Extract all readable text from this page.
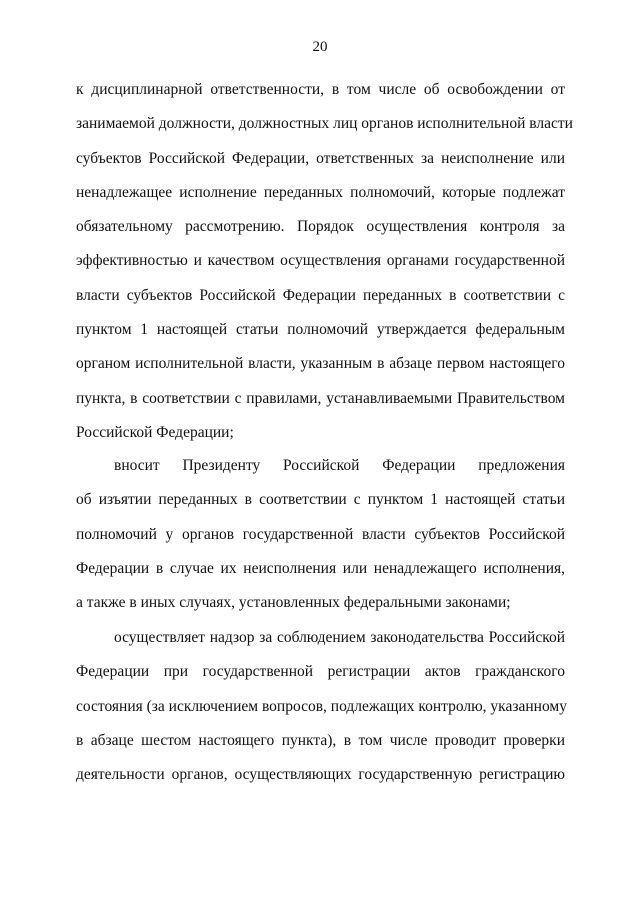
20
к дисциплинарной ответственности, в том числе об освобождении от
занимаемой должности, должностных лиц органов исполнительной власти
субъектов Российской Федерации, ответственных за неисполнение или
ненадлежащее исполнение переданных полномочий, которые подлежат
обязательному рассмотрению. Порядок осуществления контроля за
эффективностью и качеством осуществления органами государственной
власти субъектов Российской Федерации переданных в соответствии с
пунктом 1 настоящей статьи полномочий утверждается федеральным
органом исполнительной власти, указанным в абзаце первом настоящего
пункта, в соответствии с правилами, устанавливаемыми Правительством
Российской Федерации;
вносит Президенту Российской Федерации предложения
об изъятии переданных в соответствии с пунктом 1 настоящей статьи
полномочий у органов государственной власти субъектов Российской
Федерации в случае их неисполнения или ненадлежащего исполнения,
а также в иных случаях, установленных федеральными законами;
осуществляет надзор за соблюдением законодательства Российской
Федерации при государственной регистрации актов гражданского
состояния (за исключением вопросов, подлежащих контролю, указанному
в абзаце шестом настоящего пункта), в том числе проводит проверки
деятельности органов, осуществляющих государственную регистрацию
